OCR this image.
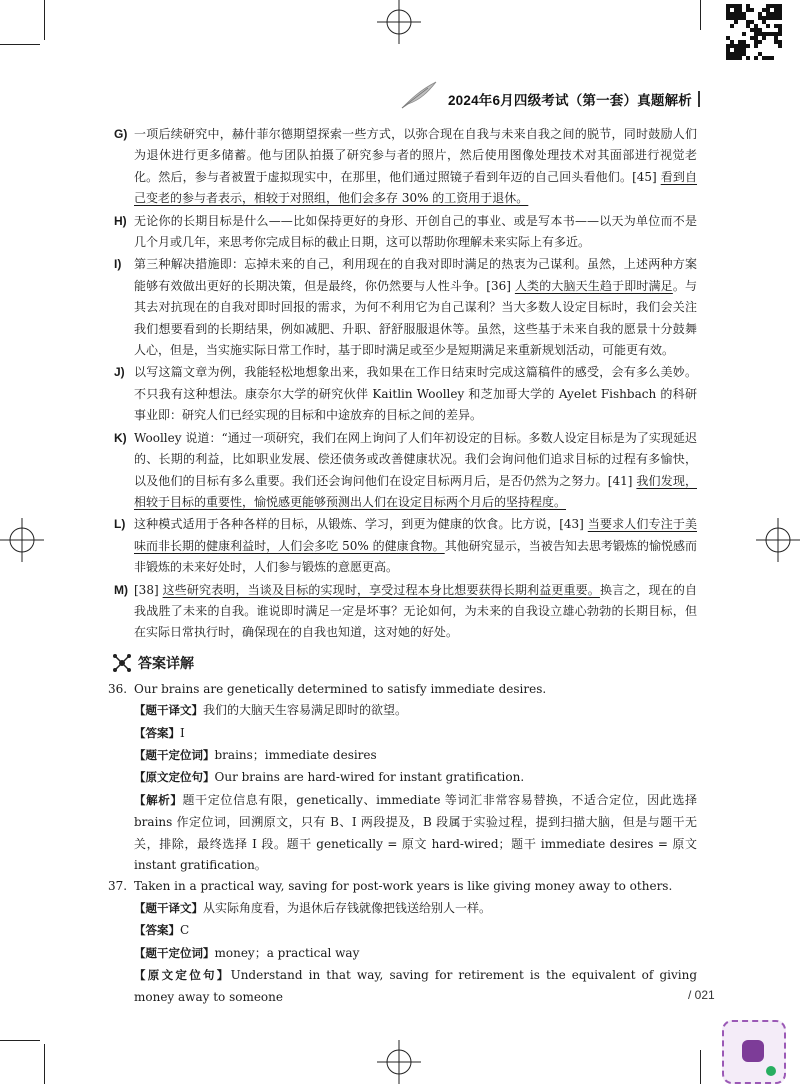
2024年6月四级考试（第一套）真题解析
G) 一项后续研究中，赫什菲尔德期望探索一些方式，以弥合现在自我与未来自我之间的脱节，同时鼓励人们为退休进行更多储蓄。他与团队拍摄了研究参与者的照片，然后使用图像处理技术对其面部进行视觉老化。然后，参与者被置于虚拟现实中，在那里，他们通过照镜子看到年迈的自己回头看他们。[45] 看到自己变老的参与者表示，相较于对照组，他们会多存 30% 的工资用于退休。
H) 无论你的长期目标是什么——比如保持更好的身形、开创自己的事业、或是写本书——以天为单位而不是几个月或几年，来思考你完成目标的截止日期，这可以帮助你理解未来实际上有多近。
I) 第三种解决措施即：忘掉未来的自己，利用现在的自我对即时满足的热衷为己谋利。虽然，上述两种方案能够有效做出更好的长期决策，但是最终，你仍然要与人性斗争。[36] 人类的大脑天生趋于即时满足。与其去对抗现在的自我对即时回报的需求，为何不利用它为自己谋利？当大多数人设定目标时，我们会关注我们想要看到的长期结果，例如减肥、升职、舒舒服服退休等。虽然，这些基于未来自我的愿景十分鼓舞人心，但是，当实施实际日常工作时，基于即时满足或至少是短期满足来重新规划活动，可能更有效。
J) 以写这篇文章为例，我能轻松地想象出来，我如果在工作日结束时完成这篇稿件的感受，会有多么美妙。不只我有这种想法。康奈尔大学的研究伙伴 Kaitlin Woolley 和芝加哥大学的 Ayelet Fishbach 的科研事业即：研究人们已经实现的目标和中途放弃的目标之间的差异。
K) Woolley 说道：“通过一项研究，我们在网上询问了人们年初设定的目标。多数人设定目标是为了实现延迟的、长期的利益，比如职业发展、偿还债务或改善健康状况。我们会询问他们追求目标的过程有多愉快，以及他们的目标有多么重要。我们还会询问他们在设定目标两月后，是否仍然为之努力。[41] 我们发现，相较于目标的重要性，愉悦感更能够预测出人们在设定目标两个月后的坚持程度。
L) 这种模式适用于各种各样的目标，从锻炼、学习，到更为健康的饮食。比方说，[43] 当要求人们专注于美味而非长期的健康利益时，人们会多吃 50% 的健康食物。其他研究显示，当被告知去思考锻炼的愉悦感而非锻炼的未来好处时，人们参与锻炼的意愿更高。
M) [38] 这些研究表明，当谈及目标的实现时，享受过程本身比想要获得长期利益更重要。换言之，现在的自我战胜了未来的自我。谁说即时满足一定是坏事？无论如何，为未来的自我设立雄心勃勃的长期目标，但在实际日常执行时，确保现在的自我也知道，这对她的好处。
答案详解
36. Our brains are genetically determined to satisfy immediate desires.
【题干译文】我们的大脑天生容易满足即时的欲望。
【答案】I
【题干定位词】brains；immediate desires
【原文定位句】Our brains are hard-wired for instant gratification.
【解析】题干定位信息有限，genetically、immediate 等词汇非常容易替换，不适合定位，因此选择 brains 作定位词，回溯原文，只有 B、I 两段提及，B 段属于实验过程，提到扫描大脑，但是与题干无关，排除，最终选择 I 段。题干 genetically = 原文 hard-wired；题干 immediate desires = 原文 instant gratification。
37. Taken in a practical way, saving for post-work years is like giving money away to others.
【题干译文】从实际角度看，为退休后存钱就像把钱送给别人一样。
【答案】C
【题干定位词】money；a practical way
【原文定位句】Understand in that way, saving for retirement is the equivalent of giving money away to someone	/ 021
